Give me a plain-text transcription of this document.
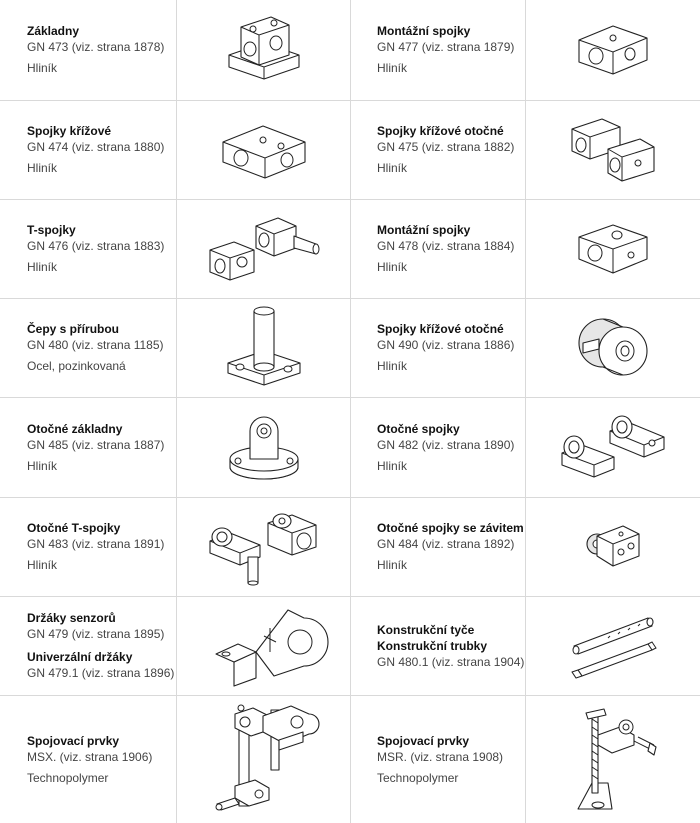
Základny
GN 473 (viz. strana 1878)
Hliník
Montážní spojky
GN 477 (viz. strana 1879)
Hliník
Spojky křížové
GN 474 (viz. strana 1880)
Hliník
Spojky křížové otočné
GN 475 (viz. strana 1882)
Hliník
T-spojky
GN 476 (viz. strana 1883)
Hliník
Montážní spojky
GN 478 (viz. strana 1884)
Hliník
Čepy s přírubou
GN 480 (viz. strana 1185)
Ocel, pozinkovaná
Spojky křížové otočné
GN 490 (viz. strana 1886)
Hliník
Otočné základny
GN 485 (viz. strana 1887)
Hliník
Otočné spojky
GN 482 (viz. strana 1890)
Hliník
Otočné T-spojky
GN 483 (viz. strana 1891)
Hliník
Otočné spojky se závitem
GN 484 (viz. strana 1892)
Hliník
Držáky senzorů
GN 479 (viz. strana 1895)
Univerzální držáky
GN 479.1 (viz. strana 1896)
Konstrukční tyče
Konstrukční trubky
GN 480.1 (viz. strana 1904)
Spojovací prvky
MSX. (viz. strana 1906)
Technopolymer
Spojovací prvky
MSR. (viz. strana 1908)
Technopolymer
